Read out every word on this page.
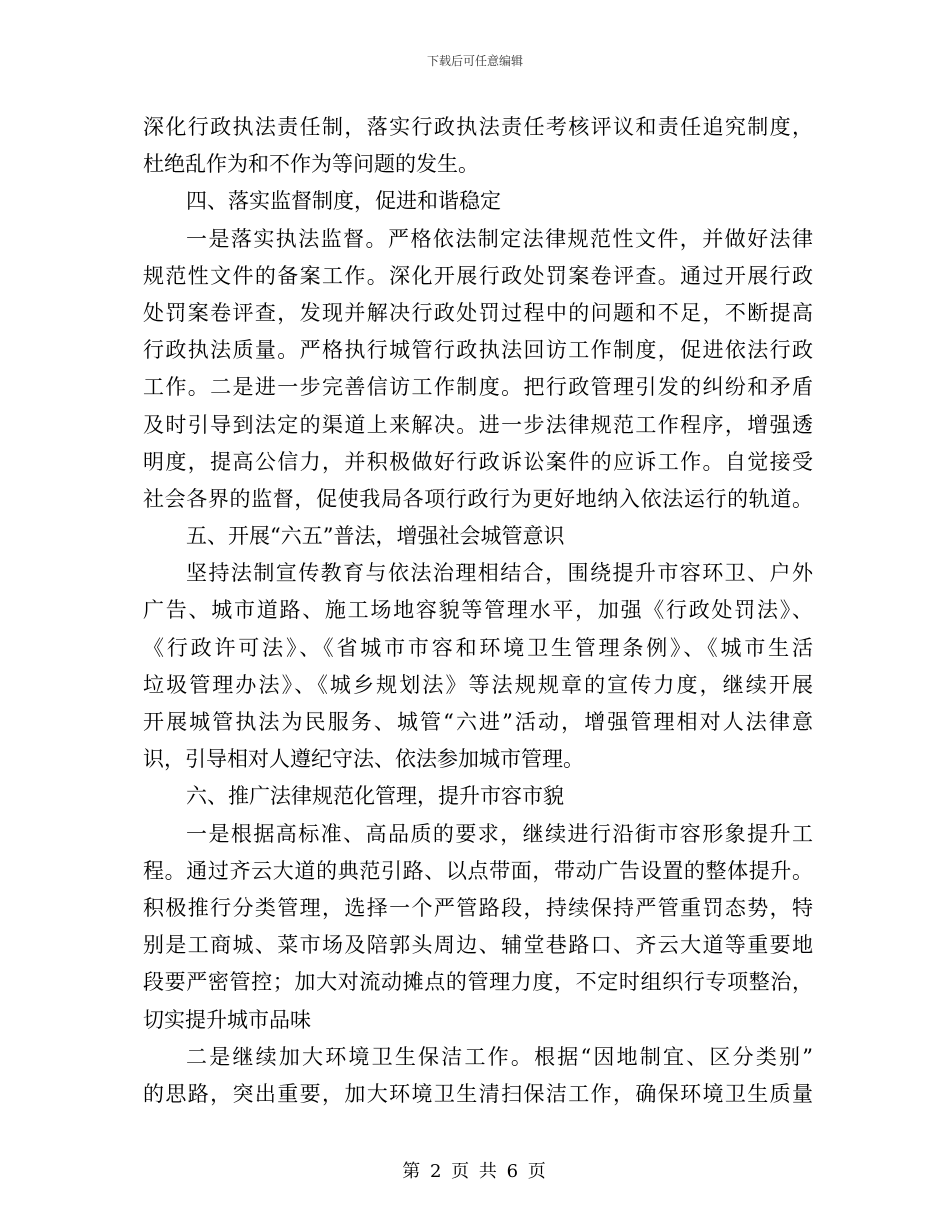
下载后可任意编辑
深化行政执法责任制，落实行政执法责任考核评议和责任追究制度，
杜绝乱作为和不作为等问题的发生。
四、落实监督制度，促进和谐稳定
一是落实执法监督。严格依法制定法律规范性文件，并做好法律
规范性文件的备案工作。深化开展行政处罚案卷评查。通过开展行政
处罚案卷评查，发现并解决行政处罚过程中的问题和不足，不断提高
行政执法质量。严格执行城管行政执法回访工作制度，促进依法行政
工作。二是进一步完善信访工作制度。把行政管理引发的纠纷和矛盾
及时引导到法定的渠道上来解决。进一步法律规范工作程序，增强透
明度，提高公信力，并积极做好行政诉讼案件的应诉工作。自觉接受
社会各界的监督，促使我局各项行政行为更好地纳入依法运行的轨道。
五、开展“六五”普法，增强社会城管意识
坚持法制宣传教育与依法治理相结合，围绕提升市容环卫、户外
广告、城市道路、施工场地容貌等管理水平，加强《行政处罚法》、
《行政许可法》、《省城市市容和环境卫生管理条例》、《城市生活
垃圾管理办法》、《城乡规划法》等法规规章的宣传力度，继续开展
开展城管执法为民服务、城管“六进”活动，增强管理相对人法律意
识，引导相对人遵纪守法、依法参加城市管理。
六、推广法律规范化管理，提升市容市貌
一是根据高标准、高品质的要求，继续进行沿街市容形象提升工
程。通过齐云大道的典范引路、以点带面，带动广告设置的整体提升。
积极推行分类管理，选择一个严管路段，持续保持严管重罚态势，特
别是工商城、菜市场及陪郭头周边、辅堂巷路口、齐云大道等重要地
段要严密管控；加大对流动摊点的管理力度，不定时组织行专项整治，
切实提升城市品味
二是继续加大环境卫生保洁工作。根据“因地制宜、区分类别”
的思路，突出重要，加大环境卫生清扫保洁工作，确保环境卫生质量
第 2 页 共 6 页
